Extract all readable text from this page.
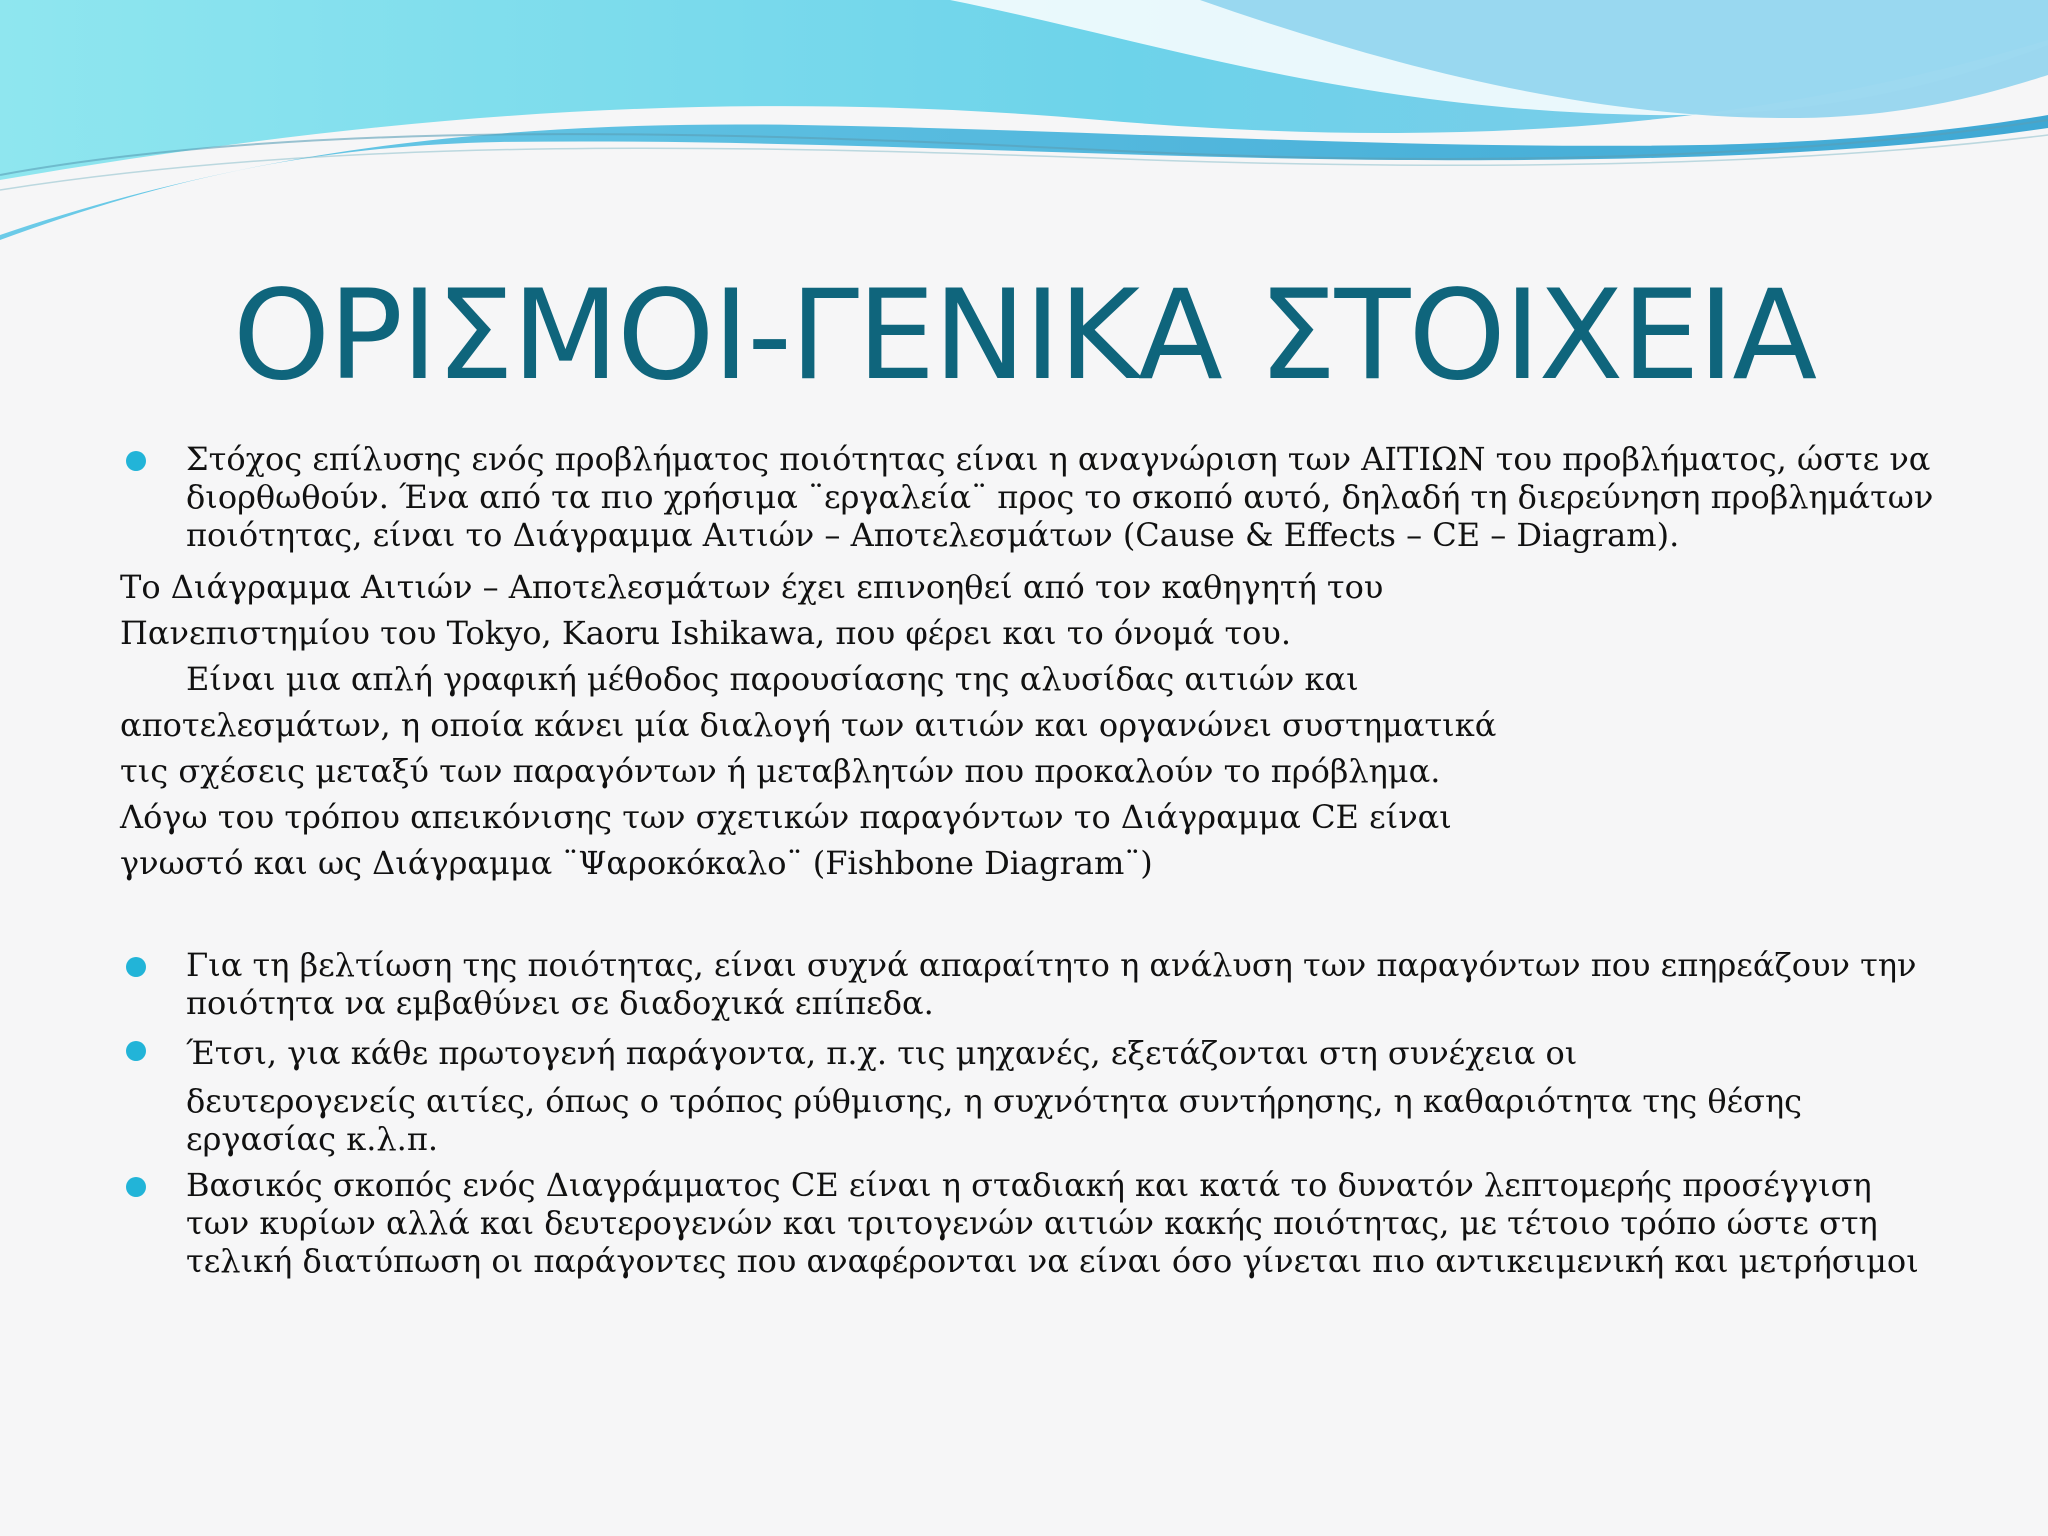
ΟΡΙΣΜΟΙ-ΓΕΝΙΚΑ ΣΤΟΙΧΕΙΑ
Στόχος επίλυσης ενός προβλήματος ποιότητας είναι η αναγνώριση των ΑΙΤΙΩΝ του προβλήματος, ώστε να διορθωθούν. Ένα από τα πιο χρήσιμα ¨εργαλεία¨ προς το σκοπό αυτό, δηλαδή τη διερεύνηση προβλημάτων ποιότητας, είναι το Διάγραμμα Αιτιών – Αποτελεσμάτων (Cause & Effects – CE – Diagram).

Το Διάγραμμα Αιτιών – Αποτελεσμάτων έχει επινοηθεί από τον καθηγητή του

Πανεπιστημίου του Tokyo, Kaoru Ishikawa, που φέρει και το όνομά του.

Είναι μια απλή γραφική μέθοδος παρουσίασης της αλυσίδας αιτιών και

αποτελεσμάτων, η οποία κάνει μία διαλογή των αιτιών και οργανώνει συστηματικά

τις σχέσεις μεταξύ των παραγόντων ή μεταβλητών που προκαλούν το πρόβλημα.

Λόγω του τρόπου απεικόνισης των σχετικών παραγόντων το Διάγραμμα CE είναι

γνωστό και ως Διάγραμμα ¨Ψαροκόκαλο¨ (Fishbone Diagram¨)

Για τη βελτίωση της ποιότητας, είναι συχνά απαραίτητο η ανάλυση των παραγόντων που επηρεάζουν την ποιότητα να εμβαθύνει σε διαδοχικά επίπεδα.
Έτσι, για κάθε πρωτογενή παράγοντα, π.χ. τις μηχανές, εξετάζονται στη συνέχεια οι
δευτερογενείς αιτίες, όπως ο τρόπος ρύθμισης, η συχνότητα συντήρησης, η καθαριότητα της θέσης εργασίας κ.λ.π.
Βασικός σκοπός ενός Διαγράμματος CE είναι η σταδιακή και κατά το δυνατόν λεπτομερής προσέγγιση των κυρίων αλλά και δευτερογενών και τριτογενών αιτιών κακής ποιότητας, με τέτοιο τρόπο ώστε στη τελική διατύπωση οι παράγοντες που αναφέρονται να είναι όσο γίνεται πιο αντικειμενική και μετρήσιμοι
